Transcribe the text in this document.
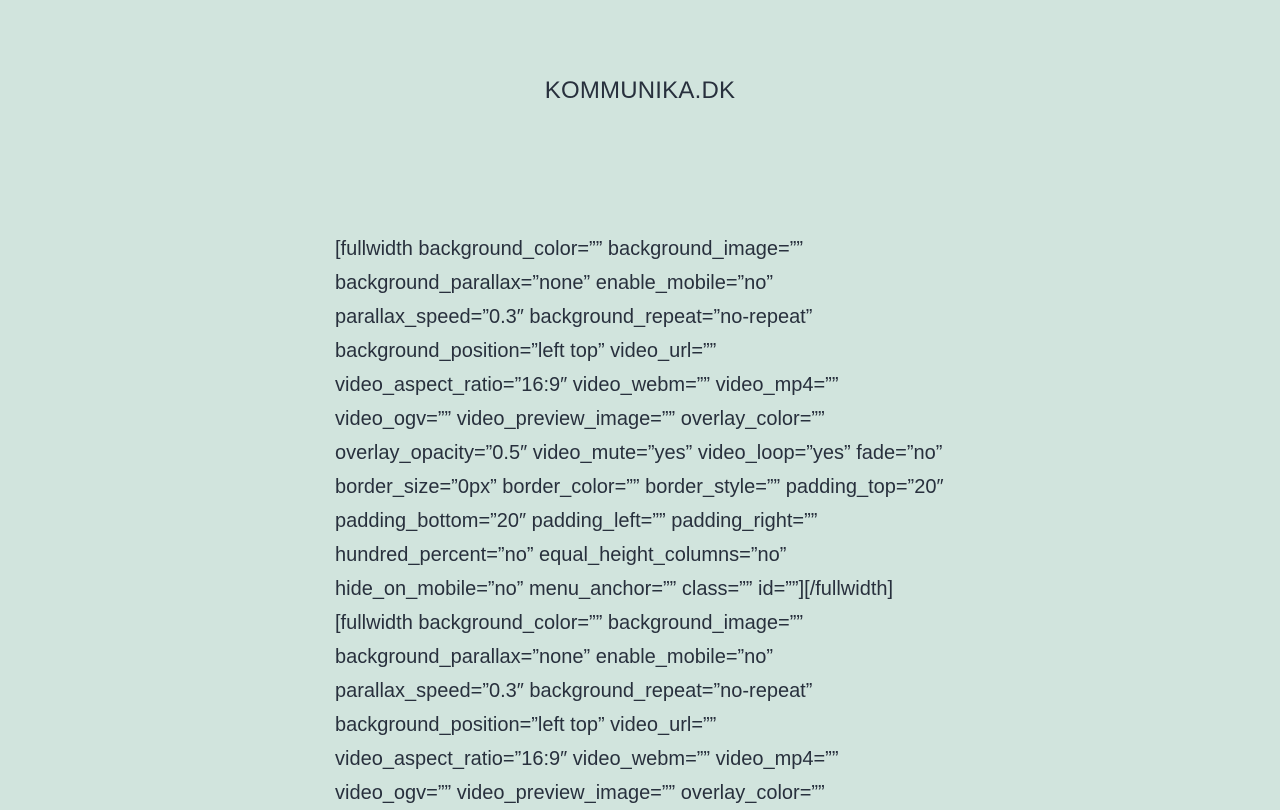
KOMMUNIKA.DK
[fullwidth background_color=”” background_image=””
background_parallax=”none” enable_mobile=”no”
parallax_speed=”0.3″ background_repeat=”no-repeat”
background_position=”left top” video_url=””
video_aspect_ratio=”16:9″ video_webm=”” video_mp4=””
video_ogv=”” video_preview_image=”” overlay_color=””
overlay_opacity=”0.5″ video_mute=”yes” video_loop=”yes” fade=”no”
border_size=”0px” border_color=”” border_style=”” padding_top=”20″
padding_bottom=”20″ padding_left=”” padding_right=””
hundred_percent=”no” equal_height_columns=”no”
hide_on_mobile=”no” menu_anchor=”” class=”” id=””][/fullwidth]
[fullwidth background_color=”” background_image=””
background_parallax=”none” enable_mobile=”no”
parallax_speed=”0.3″ background_repeat=”no-repeat”
background_position=”left top” video_url=””
video_aspect_ratio=”16:9″ video_webm=”” video_mp4=””
video_ogv=”” video_preview_image=”” overlay_color=””
